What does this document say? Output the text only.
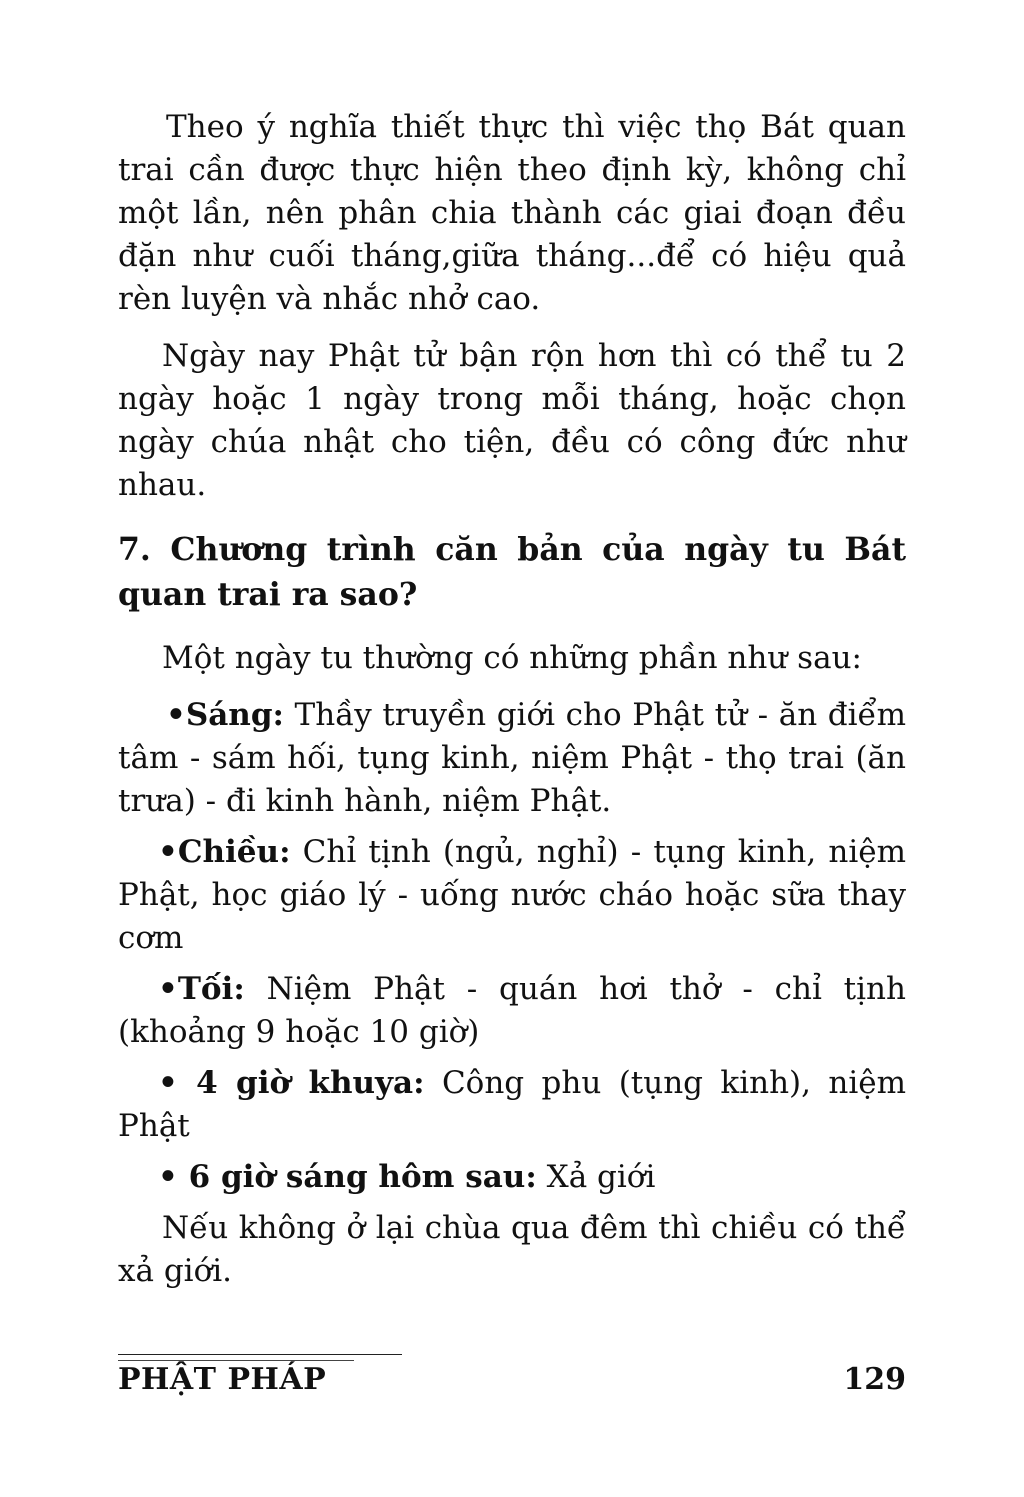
Theo ý nghĩa thiết thực thì việc thọ Bát quan trai cần được thực hiện theo định kỳ, không chỉ một lần, nên phân chia thành các giai đoạn đều đặn như cuối tháng,giữa tháng...để có hiệu quả rèn luyện và nhắc nhở cao.

Ngày nay Phật tử bận rộn hơn thì có thể tu 2 ngày hoặc 1 ngày trong mỗi tháng, hoặc chọn ngày chúa nhật cho tiện, đều có công đức như nhau.

7. Chương trình căn bản của ngày tu Bát quan trai ra sao?

Một ngày tu thường có những phần như sau:

•Sáng: Thầy truyền giới cho Phật tử - ăn điểm tâm - sám hối, tụng kinh, niệm Phật - thọ trai (ăn trưa) - đi kinh hành, niệm Phật.

•Chiều: Chỉ tịnh (ngủ, nghỉ) - tụng kinh, niệm Phật, học giáo lý - uống nước cháo hoặc sữa thay cơm

•Tối: Niệm Phật - quán hơi thở - chỉ tịnh (khoảng 9 hoặc 10 giờ)

• 4 giờ khuya: Công phu (tụng kinh), niệm Phật

• 6 giờ sáng hôm sau: Xả giới

Nếu không ở lại chùa qua đêm thì chiều có thể xả giới.

PHẬT PHÁP	129
